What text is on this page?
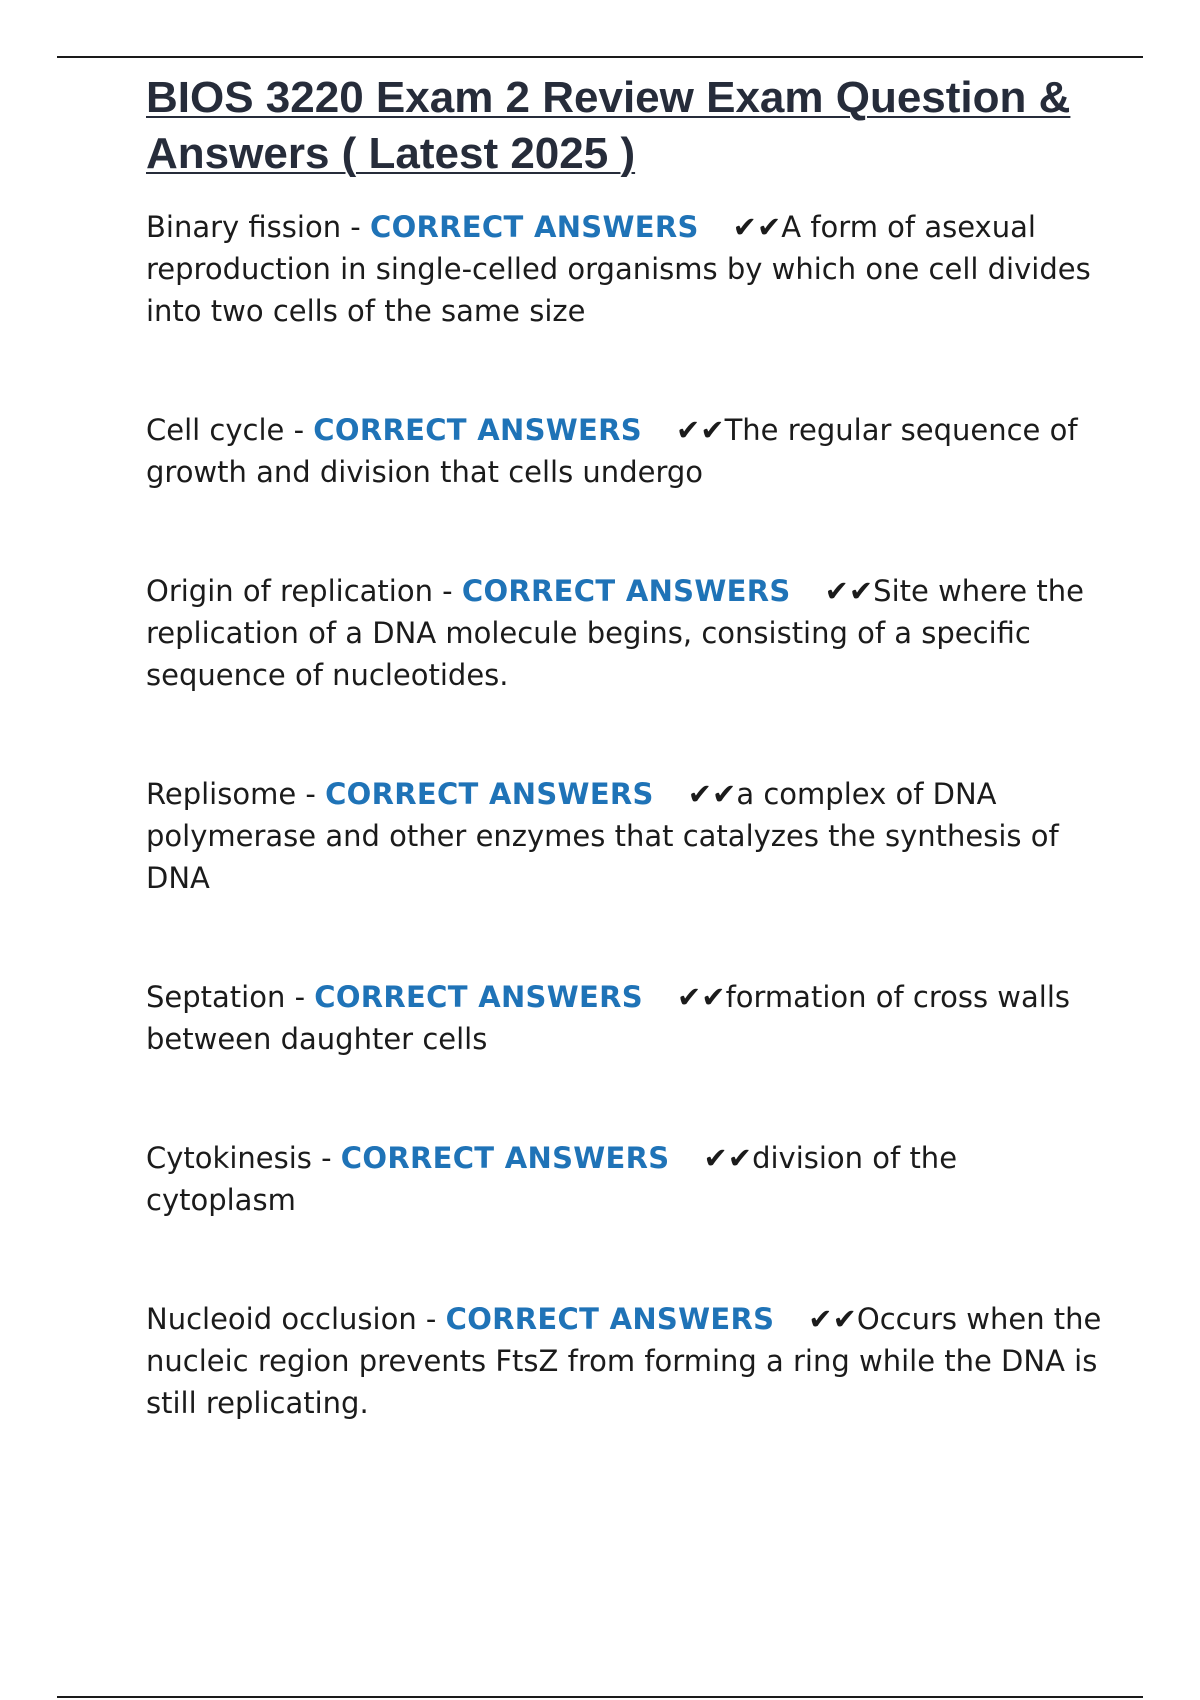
BIOS 3220 Exam 2 Review Exam Question & Answers ( Latest 2025 )

Binary fission - CORRECT ANSWERS ✔✔A form of asexual reproduction in single-celled organisms by which one cell divides into two cells of the same size

Cell cycle - CORRECT ANSWERS ✔✔The regular sequence of growth and division that cells undergo

Origin of replication - CORRECT ANSWERS ✔✔Site where the replication of a DNA molecule begins, consisting of a specific sequence of nucleotides.

Replisome - CORRECT ANSWERS ✔✔a complex of DNA polymerase and other enzymes that catalyzes the synthesis of DNA

Septation - CORRECT ANSWERS ✔✔formation of cross walls between daughter cells

Cytokinesis - CORRECT ANSWERS ✔✔division of the cytoplasm

Nucleoid occlusion - CORRECT ANSWERS ✔✔Occurs when the nucleic region prevents FtsZ from forming a ring while the DNA is still replicating.
